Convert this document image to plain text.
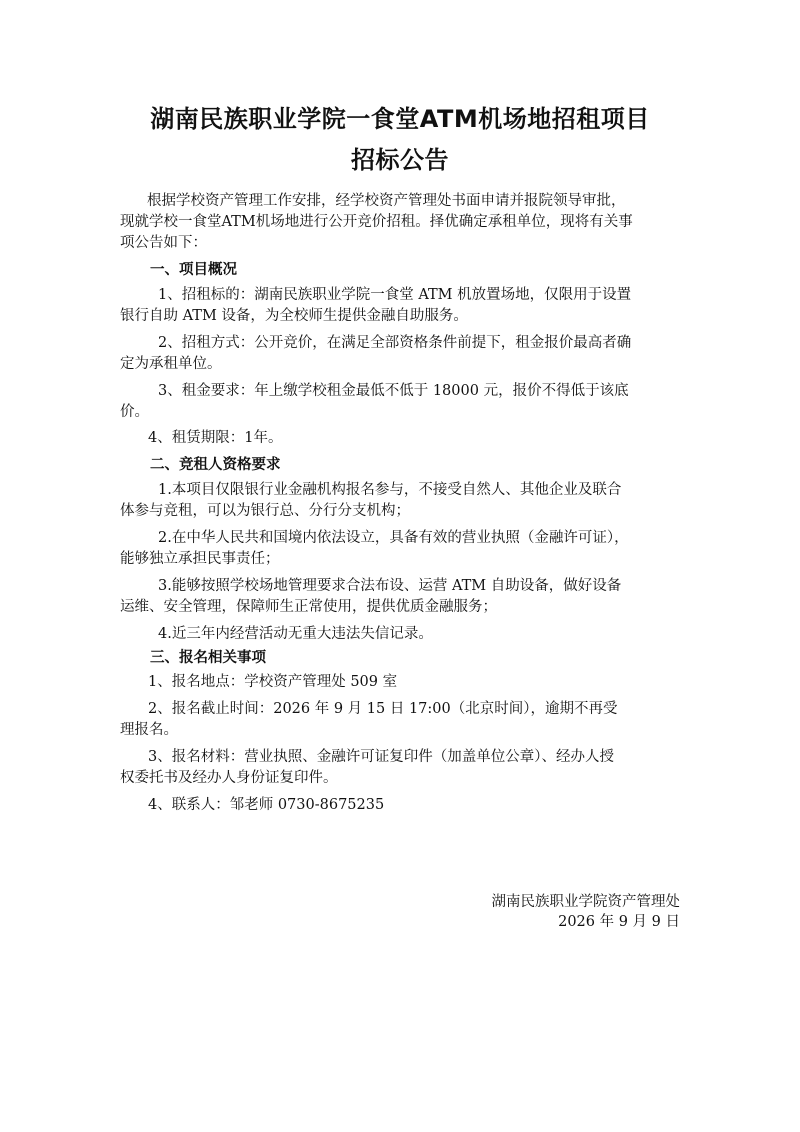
湖南民族职业学院一食堂ATM机场地招租项目
招标公告
根据学校资产管理工作安排，经学校资产管理处书面申请并报院领导审批，
现就学校一食堂ATM机场地进行公开竞价招租。择优确定承租单位，现将有关事
项公告如下：
一、项目概况
1、招租标的：湖南民族职业学院一食堂 ATM 机放置场地，仅限用于设置
银行自助 ATM 设备，为全校师生提供金融自助服务。
2、招租方式：公开竞价，在满足全部资格条件前提下，租金报价最高者确
定为承租单位。
3、租金要求：年上缴学校租金最低不低于 18000 元，报价不得低于该底
价。
4、租赁期限：1年。
二、竞租人资格要求
1.本项目仅限银行业金融机构报名参与，不接受自然人、其他企业及联合
体参与竞租，可以为银行总、分行分支机构；
2.在中华人民共和国境内依法设立，具备有效的营业执照（金融许可证），
能够独立承担民事责任；
3.能够按照学校场地管理要求合法布设、运营 ATM 自助设备，做好设备
运维、安全管理，保障师生正常使用，提供优质金融服务；
4.近三年内经营活动无重大违法失信记录。
三、报名相关事项
1、报名地点：学校资产管理处 509 室
2、报名截止时间：2026 年 9 月 15 日 17:00（北京时间），逾期不再受
理报名。
3、报名材料：营业执照、金融许可证复印件（加盖单位公章）、经办人授
权委托书及经办人身份证复印件。
4、联系人：邹老师 0730-8675235
湖南民族职业学院资产管理处
2026 年 9 月 9 日
